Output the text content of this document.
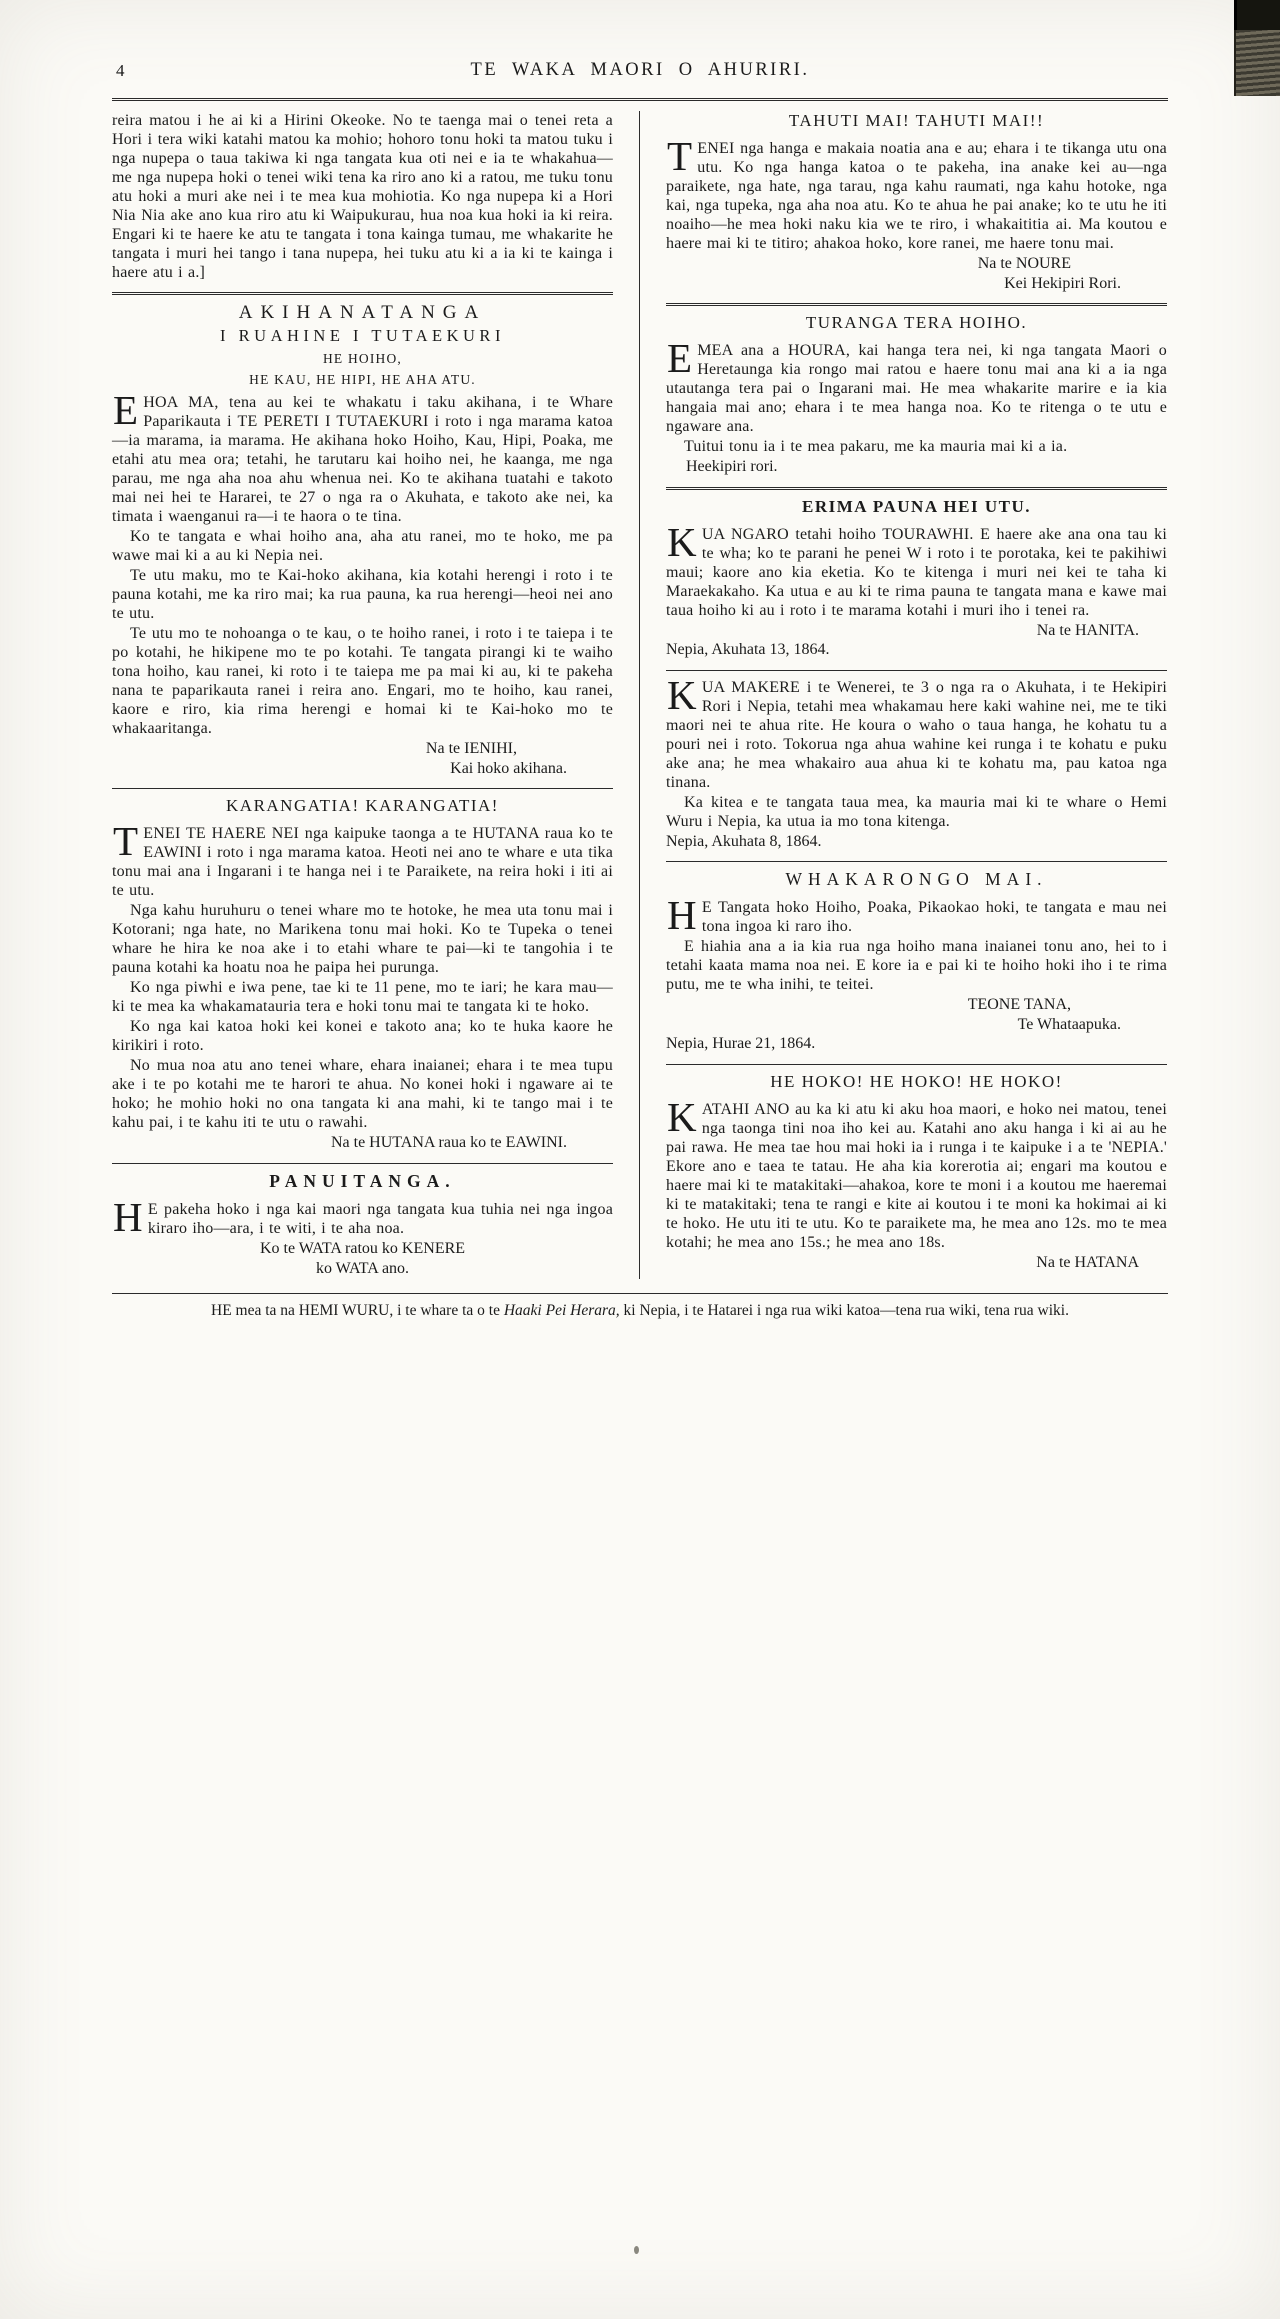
4	TE WAKA MAORI O AHURIRI.

reira matou i he ai ki a Hirini Okeoke. No te taenga mai o tenei reta a Hori i tera wiki katahi matou ka mohio; hohoro tonu hoki ta matou tuku i nga nupepa o taua takiwa ki nga tangata kua oti nei e ia te whakahua—me nga nupepa hoki o tenei wiki tena ka riro ano ki a ratou, me tuku tonu atu hoki a muri ake nei i te mea kua mohiotia. Ko nga nupepa ki a Hori Nia Nia ake ano kua riro atu ki Waipukurau, hua noa kua hoki ia ki reira. Engari ki te haere ke atu te tangata i tona kainga tumau, me whakarite he tangata i muri hei tango i tana nupepa, hei tuku atu ki a ia ki te kainga i haere atu i a.]

AKIHANATANGA
I RUAHINE I TUTAEKURI
HE HOIHO,
HE KAU, HE HIPI, HE AHA ATU.

EHOA MA, tena au kei te whakatu i taku akihana, i te Whare Paparikauta i TE PERETI I TUTAEKURI i roto i nga marama katoa—ia marama, ia marama. He akihana hoko Hoiho, Kau, Hipi, Poaka, me etahi atu mea ora; tetahi, he tarutaru kai hoiho nei, he kaanga, me nga parau, me nga aha noa ahu whenua nei. Ko te akihana tuatahi e takoto mai nei hei te Hararei, te 27 o nga ra o Akuhata, e takoto ake nei, ka timata i waenganui ra—i te haora o te tina.

Ko te tangata e whai hoiho ana, aha atu ranei, mo te hoko, me pa wawe mai ki a au ki Nepia nei.

Te utu maku, mo te Kai-hoko akihana, kia kotahi herengi i roto i te pauna kotahi, me ka riro mai; ka rua pauna, ka rua herengi—heoi nei ano te utu.

Te utu mo te nohoanga o te kau, o te hoiho ranei, i roto i te taiepa i te po kotahi, he hikipene mo te po kotahi. Te tangata pirangi ki te waiho tona hoiho, kau ranei, ki roto i te taiepa me pa mai ki au, ki te pakeha nana te paparikauta ranei i reira ano. Engari, mo te hoiho, kau ranei, kaore e riro, kia rima herengi e homai ki te Kai-hoko mo te whakaaritanga.

Na te IENIHI,
Kai hoko akihana.
KARANGATIA! KARANGATIA!

TENEI TE HAERE NEI nga kaipuke taonga a te HUTANA raua ko te EAWINI i roto i nga marama katoa. Heoti nei ano te whare e uta tika tonu mai ana i Ingarani i te hanga nei i te Paraikete, na reira hoki i iti ai te utu.

Nga kahu huruhuru o tenei whare mo te hotoke, he mea uta tonu mai i Kotorani; nga hate, no Marikena tonu mai hoki. Ko te Tupeka o tenei whare he hira ke noa ake i to etahi whare te pai—ki te tangohia i te pauna kotahi ka hoatu noa he paipa hei purunga.

Ko nga piwhi e iwa pene, tae ki te 11 pene, mo te iari; he kara mau—ki te mea ka whakamatauria tera e hoki tonu mai te tangata ki te hoko.

Ko nga kai katoa hoki kei konei e takoto ana; ko te huka kaore he kirikiri i roto.

No mua noa atu ano tenei whare, ehara inaianei; ehara i te mea tupu ake i te po kotahi me te harori te ahua. No konei hoki i ngaware ai te hoko; he mohio hoki no ona tangata ki ana mahi, ki te tango mai i te kahu pai, i te kahu iti te utu o rawahi.

Na te HUTANA raua ko te EAWINI.
PANUITANGA.

H E pakeha hoko i nga kai maori nga tangata kua tuhia nei nga ingoa kiraro iho—ara, i te witi, i te aha noa.

Ko te WATA ratou ko KENERE
ko WATA ano.
TAHUTI MAI! TAHUTI MAI!!

TENEI nga hanga e makaia noatia ana e au; ehara i te tikanga utu ona utu. Ko nga hanga katoa o te pakeha, ina anake kei au—nga paraikete, nga hate, nga tarau, nga kahu raumati, nga kahu hotoke, nga kai, nga tupeka, nga aha noa atu. Ko te ahua he pai anake; ko te utu he iti noaiho—he mea hoki naku kia we te riro, i whakaititia ai. Ma koutou e haere mai ki te titiro; ahakoa hoko, kore ranei, me haere tonu mai.

Na te NOURE
Kei Hekipiri Rori.
TURANGA TERA HOIHO.

EMEA ana a HOURA, kai hanga tera nei, ki nga tangata Maori o Heretaunga kia rongo mai ratou e haere tonu mai ana ki a ia nga utautanga tera pai o Ingarani mai. He mea whakarite marire e ia kia hangaia mai ano; ehara i te mea hanga noa. Ko te ritenga o te utu e ngaware ana.

Tuitui tonu ia i te mea pakaru, me ka mauria mai ki a ia.

Heekipiri rori.
ERIMA PAUNA HEI UTU.

KUA NGARO tetahi hoiho TOURAWHI. E haere ake ana ona tau ki te wha; ko te parani he penei W i roto i te porotaka, kei te pakihiwi maui; kaore ano kia eketia. Ko te kitenga i muri nei kei te taha ki Maraekakaho. Ka utua e au ki te rima pauna te tangata mana e kawe mai taua hoiho ki au i roto i te marama kotahi i muri iho i tenei ra.

Na te HANITA.
Nepia, Akuhata 13, 1864.

KUA MAKERE i te Wenerei, te 3 o nga ra o Akuhata, i te Hekipiri Rori i Nepia, tetahi mea whakamau here kaki wahine nei, me te tiki maori nei te ahua rite. He koura o waho o taua hanga, he kohatu tu a pouri nei i roto. Tokorua nga ahua wahine kei runga i te kohatu e puku ake ana; he mea whakairo aua ahua ki te kohatu ma, pau katoa nga tinana.

Ka kitea e te tangata taua mea, ka mauria mai ki te whare o Hemi Wuru i Nepia, ka utua ia mo tona kitenga.

Nepia, Akuhata 8, 1864.
WHAKARONGO MAI.

H E Tangata hoko Hoiho, Poaka, Pikaokao hoki, te tangata e mau nei tona ingoa ki raro iho.

E hiahia ana a ia kia rua nga hoiho mana inaianei tonu ano, hei to i tetahi kaata mama noa nei. E kore ia e pai ki te hoiho hoki iho i te rima putu, me te wha inihi, te teitei.

TEONE TANA,
Te Whataapuka.
Nepia, Hurae 21, 1864.
HE HOKO! HE HOKO! HE HOKO!

KATAHI ANO au ka ki atu ki aku hoa maori, e hoko nei matou, tenei nga taonga tini noa iho kei au. Katahi ano aku hanga i ki ai au he pai rawa. He mea tae hou mai hoki ia i runga i te kaipuke i a te 'NEPIA.' Ekore ano e taea te tatau. He aha kia korerotia ai; engari ma koutou e haere mai ki te matakitaki—ahakoa, kore te moni i a koutou me haeremai ki te matakitaki; tena te rangi e kite ai koutou i te moni ka hokimai ai ki te hoko. He utu iti te utu. Ko te paraikete ma, he mea ano 12s. mo te mea kotahi; he mea ano 15s.; he mea ano 18s.

Na te HATANA
HE mea ta na HEMI WURU, i te whare ta o te Haaki Pei Herara, ki Nepia, i te Hatarei i nga rua wiki katoa—tena rua wiki, tena rua wiki.
